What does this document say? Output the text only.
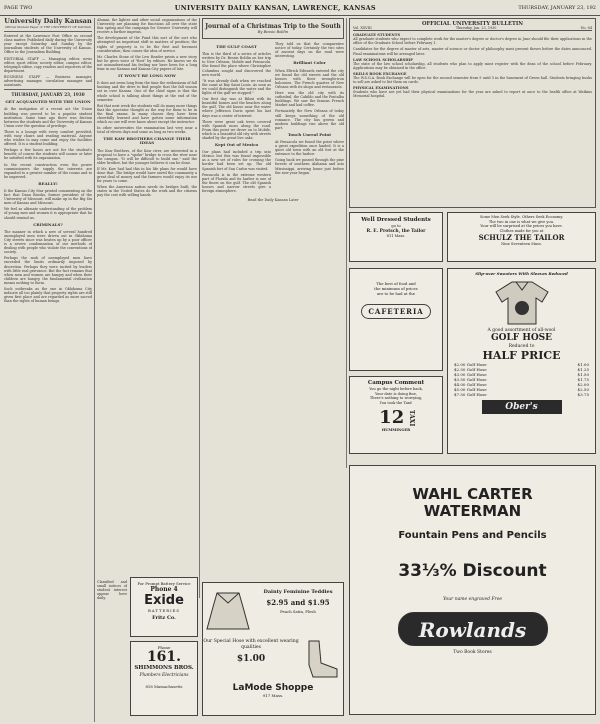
PAGE TWO	UNIVERSITY DAILY KANSAN, LAWRENCE, KANSAS	THURSDAY, JANUARY 23, 192
University Daily Kansan
Official Student Paper of THE UNIVERSITY OF KANSAS

Entered at the Lawrence Post Office as second class matter. Published daily during the University year except Saturday and Sunday by the journalism students of the University of Kansas. Office in the Journalism Building.

EDITORIAL STAFF — Managing editor, news editor, sport editor, society editor, campus editor, telegraph editor, copy readers and reporters of the department.

BUSINESS STAFF — Business manager, advertising manager, circulation manager and assistants.

THURSDAY, JANUARY 23, 1930
GET ACQUAINTED WITH THE UNION

At the instigation of a recent act the Union building was proved to be a popular student institution. Some time ago there was friction between the students and the University of Kansas Union over the question of privilege.

There is a lounge with every comfort provided, with easy chairs and reading material. Anyone who wishes to may come and enjoy the facilities offered. It is a student building.

Perhaps a few hours are not for the student's benefit; of course the students will sooner or later be satisfied with its organization.

In the recent construction even the power commissioners the supply the interests are expanded to a greater number of the rooms and to be improved.

REALLY!

It the Kansas City Star printed commenting on the fact that Dana Brooks, former president of the University of Missouri, will make up in the Big Six men of Kansas and Missouri.

We feel as ultimate understanding of the problem of young men and women it is appropriate that he should remind us.

CRIMINALS?

The manner in which a new of several hundred unemployed men were driven out in Oklahoma City streets since was beaten up by a poor officer is a severe condemnation of our methods of dealing with people who violate the conventions of society.

Perhaps the mob of unemployed men have exceeded the limits ordinarily imposed by discretion. Perhaps they were incited by leaders with little real grievance. But the fact remains that when men and women are hungry and when their children are hungry, the fundamental civilization means nothing to them.

Such outbreaks as the one in Oklahoma City indicate all too plainly that property rights are still given first place and are regarded as more sacred than the rights of human beings.

Alumni, the lighter and other social organizations of the University are planning for functions all over the state this spring and the campaign for Greater University will receive a further impetus.

The development of the Fund this sort of the sort who attempted an important shift in matters of position; the rights of property is to be the first and foremost consideration; then comes the idea of service.

Mr. Charles Stone of the Lew Reader prints a new story but he gives voice of "first" by editors. He knows we do not misunderstand his feeling nor have been for a long time in our Kansan and Kansas City papers of late.

IT WON'T BE LONG NOW

It does not seem long from the time the enthusiasm of fall hunting and the drive to find people that the fall season set in over Kansas. One of the chief signs is that the whole school is talking about things at the end of the semester.

But that next week the students will do many more things that the spectator thought as the way for them to be in the final exams. In many classes they have been cheerfully learned and have gotten some information which no one will ever know about except the instructor.

In other universities the examination last very near a total of eleven days and some as long as two weeks.

THE KAW BROTHERS CHANGE THEIR IDEAS

The Kaw Brothers, of the Kaw river, are interested in a proposal to have a "spoke" bridge to cross the river near the campus. "It will be difficult to build one," said the elder brother, but the younger believes it can be done.

If Mr. Kaw had had this in his life plans for would have done that. The bridge would have saved the community a great deal of money and the farmers would enjoy its use for years to come.

When the American nation needs its bridges built, the states in the United States do the work and the citizens pay the cost with willing hands.

Journal of a Christmas Trip to the South
By Bessie Boldin
THE GULF COAST

This is the third of a series of articles written by Dr. Bessie Boldin on her trip to New Orleans, Mobile and Pensacola. She found the place where Christopher Columbus sought and discovered the new world.

"It was already dark when we reached the coast at Bay Saint Louis. As soon as we could distinguish the water and the lights of the gulf we stopped."

Our first day was at Biloxi with its beautiful homes and the beaches along the gulf. The old house near the water where Jefferson Davis spent his last days was a center of interest.

There were great oak trees covered with Spanish moss along the road. From this point we drove on to Mobile, which is a beautiful old city with streets shaded by the great live oaks.

Kept Out of Mexico

Our plans had included a trip into Mexico but this was found impossible as a new set of rules for crossing the border had been set up. The old Spanish fort of San Carlos was visited.

Pensacola is in the extreme western part of Florida and its harbor is one of the finest on the gulf. The old Spanish houses and narrow streets give a foreign atmosphere.

They told us that the comparative notice of today. Certainly the two sites of ancient days on the road were interesting.

Brilliant Color

When Eltrick Edwards entered the city we found the old streets and the old houses with their wrought-iron balconies. The French quarter of New Orleans with its shops and restaurants.

Here was the old city with its cathedral, the Cabildo and the Pontalba buildings. We saw the famous French Market and had coffee.

Fortunately the New Orleans of today still keeps something of the old romance. The city has grown and modern buildings rise above the old part.

Touch Unreal Point

At Pensacola we found the point where a great expedition once landed. It is a quiet old town with an old fort at the entrance to the harbor.

Going back we passed through the pine forests of southern Alabama and into Mississippi, arriving home just before the new year began.

Read the Daily Kansan Later
OFFICIAL UNIVERSITY BULLETIN
Vol. XXVIII	Thursday, Jan. 23, 1930	No. 84
GRADUATE STUDENTS

All graduate students who expect to complete work for the master's degree or doctor's degree in June should file their applications in the office of the Graduate School before February 1.

Candidates for the degree of master of arts, master of science or doctor of philosophy must present theses before the dates announced. Final examinations will be arranged later.

LAW SCHOOL SCHOLARSHIP

The state of the law school scholarship, all students who plan to apply must register with the dean of the school before February. Applications may be obtained in the office.

SKILLS BOOK EXCHANGE

The W.S.G.A. Book Exchange will be open for the second semester from 9 until 5 in the basement of Green hall. Students bringing books to sell are asked to list them on cards.

PHYSICAL EXAMINATIONS

Students who have not yet had their physical examinations for the year are asked to report at once to the health office at Watkins Memorial hospital.

Some Men Seek Style. Others Seek Economy.
The two in one is what we give you.
Your will be surprised at the prices you have.
Clothes made for you at
SCHULZ THE TAILOR
Nine Seventeen Mass.
Well Dressed Students
go to
R. E. Protsch, the Tailor
811 Mass.
The best of food and
the minimum of prices
are to be had at the
CAFETERIA
Slip-over Sweaters With Sleeves Reduced
A good assortment of all-wool
GOLF HOSE
Reduced to
HALF PRICE
$2.00 Golf Hose	$1.00
$2.50 Golf Hose	$1.25
$3.00 Golf Hose	$1.50
$3.50 Golf Hose	$1.75
$4.00 Golf Hose	$2.00
$5.00 Golf Hose	$2.50
$7.50 Golf Hose	$3.75
Ober's
Campus Comment
You go the night before back,
Your date is doing fine,
There's nothing to worrying,
You took the Taxi!
12 TAXI
HUMMINGER
WAHL CARTER
WATERMAN
Fountain Pens and Pencils
33⅓% Discount
Your name engraved Free
Rowlands
Two Book Stores
For Prompt Battery Service
Phone 4
Exide
BATTERIES
Fritz Co.
Phone
161.
SHIMMONS BROS.
Plumbers Electricians
816 Massachusetts
Dainty Feminine Teddies
$2.95 and $1.95
Peach Satin, Flesh
Our Special Hose with excellent wearing qualities
$1.00
LaMode Shoppe
917 Mass.

Classified and small notices of student interest appear here daily.
